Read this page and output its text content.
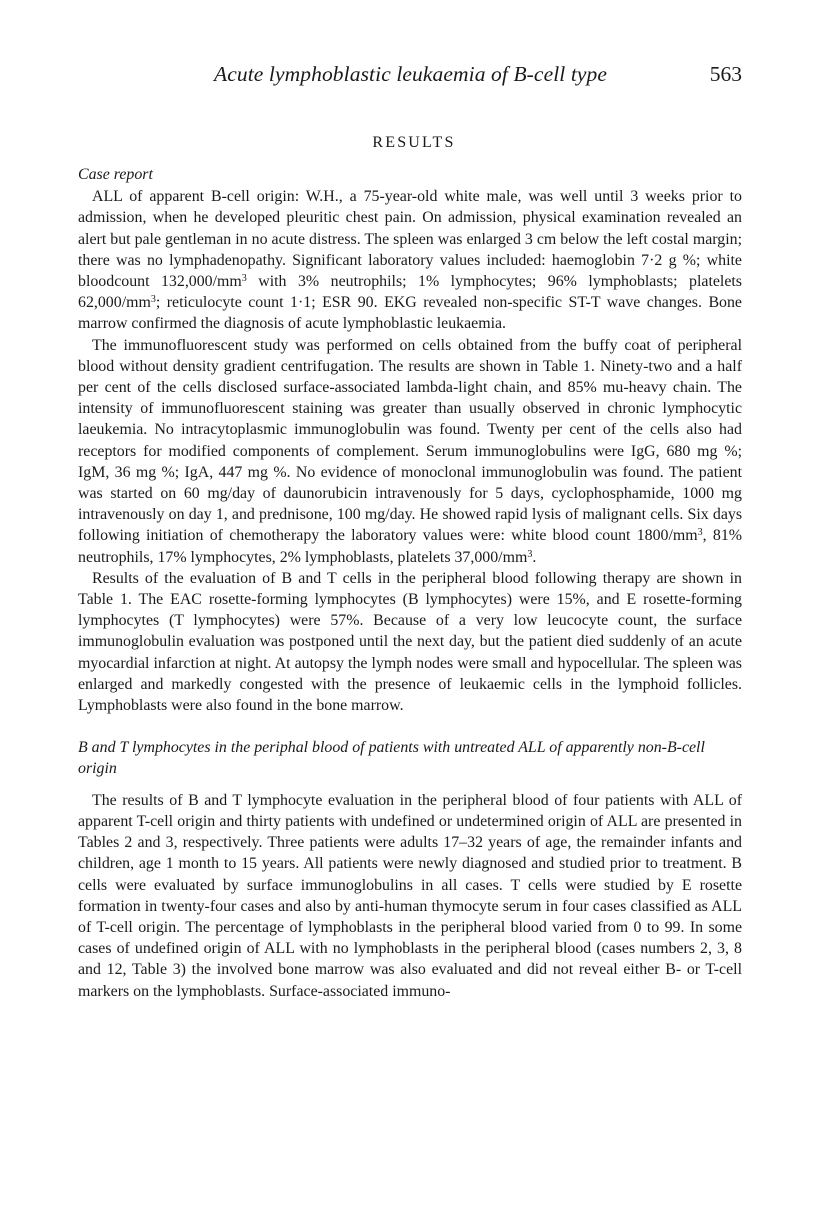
Acute lymphoblastic leukaemia of B-cell type	563
RESULTS

Case report

ALL of apparent B-cell origin: W.H., a 75-year-old white male, was well until 3 weeks prior to admission, when he developed pleuritic chest pain. On admission, physical examination revealed an alert but pale gentleman in no acute distress. The spleen was enlarged 3 cm below the left costal margin; there was no lymphadenopathy. Significant laboratory values included: haemoglobin 7·2 g %; white bloodcount $132,000/mm^3$ with 3% neutrophils; 1% lymphocytes; 96% lymphoblasts; platelets $62,000/mm^3$; reticulocyte count 1·1; ESR 90. EKG revealed non-specific ST-T wave changes. Bone marrow confirmed the diagnosis of acute lymphoblastic leukaemia.

The immunofluorescent study was performed on cells obtained from the buffy coat of peripheral blood without density gradient centrifugation. The results are shown in Table 1. Ninety-two and a half per cent of the cells disclosed surface-associated lambda-light chain, and 85% mu-heavy chain. The intensity of immunofluorescent staining was greater than usually observed in chronic lymphocytic laeukemia. No intracytoplasmic immunoglobulin was found. Twenty per cent of the cells also had receptors for modified components of complement. Serum immunoglobulins were IgG, 680 mg %; IgM, 36 mg %; IgA, 447 mg %. No evidence of monoclonal immunoglobulin was found. The patient was started on 60 mg/day of daunorubicin intravenously for 5 days, cyclophosphamide, 1000 mg intravenously on day 1, and prednisone, 100 mg/day. He showed rapid lysis of malignant cells. Six days following initiation of chemotherapy the laboratory values were: white blood count $1800/mm^3$, 81% neutrophils, 17% lymphocytes, 2% lymphoblasts, platelets $37,000/mm^3$.

Results of the evaluation of B and T cells in the peripheral blood following therapy are shown in Table 1. The EAC rosette-forming lymphocytes (B lymphocytes) were 15%, and E rosette-forming lymphocytes (T lymphocytes) were 57%. Because of a very low leucocyte count, the surface immunoglobulin evaluation was postponed until the next day, but the patient died suddenly of an acute myocardial infarction at night. At autopsy the lymph nodes were small and hypocellular. The spleen was enlarged and markedly congested with the presence of leukaemic cells in the lymphoid follicles. Lymphoblasts were also found in the bone marrow.

B and T lymphocytes in the periphal blood of patients with untreated ALL of apparently non-B-cell origin

The results of B and T lymphocyte evaluation in the peripheral blood of four patients with ALL of apparent T-cell origin and thirty patients with undefined or undetermined origin of ALL are presented in Tables 2 and 3, respectively. Three patients were adults 17–32 years of age, the remainder infants and children, age 1 month to 15 years. All patients were newly diagnosed and studied prior to treatment. B cells were evaluated by surface immunoglobulins in all cases. T cells were studied by E rosette formation in twenty-four cases and also by anti-human thymocyte serum in four cases classified as ALL of T-cell origin. The percentage of lymphoblasts in the peripheral blood varied from 0 to 99. In some cases of undefined origin of ALL with no lymphoblasts in the peripheral blood (cases numbers 2, 3, 8 and 12, Table 3) the involved bone marrow was also evaluated and did not reveal either B- or T-cell markers on the lymphoblasts. Surface-associated immuno-
